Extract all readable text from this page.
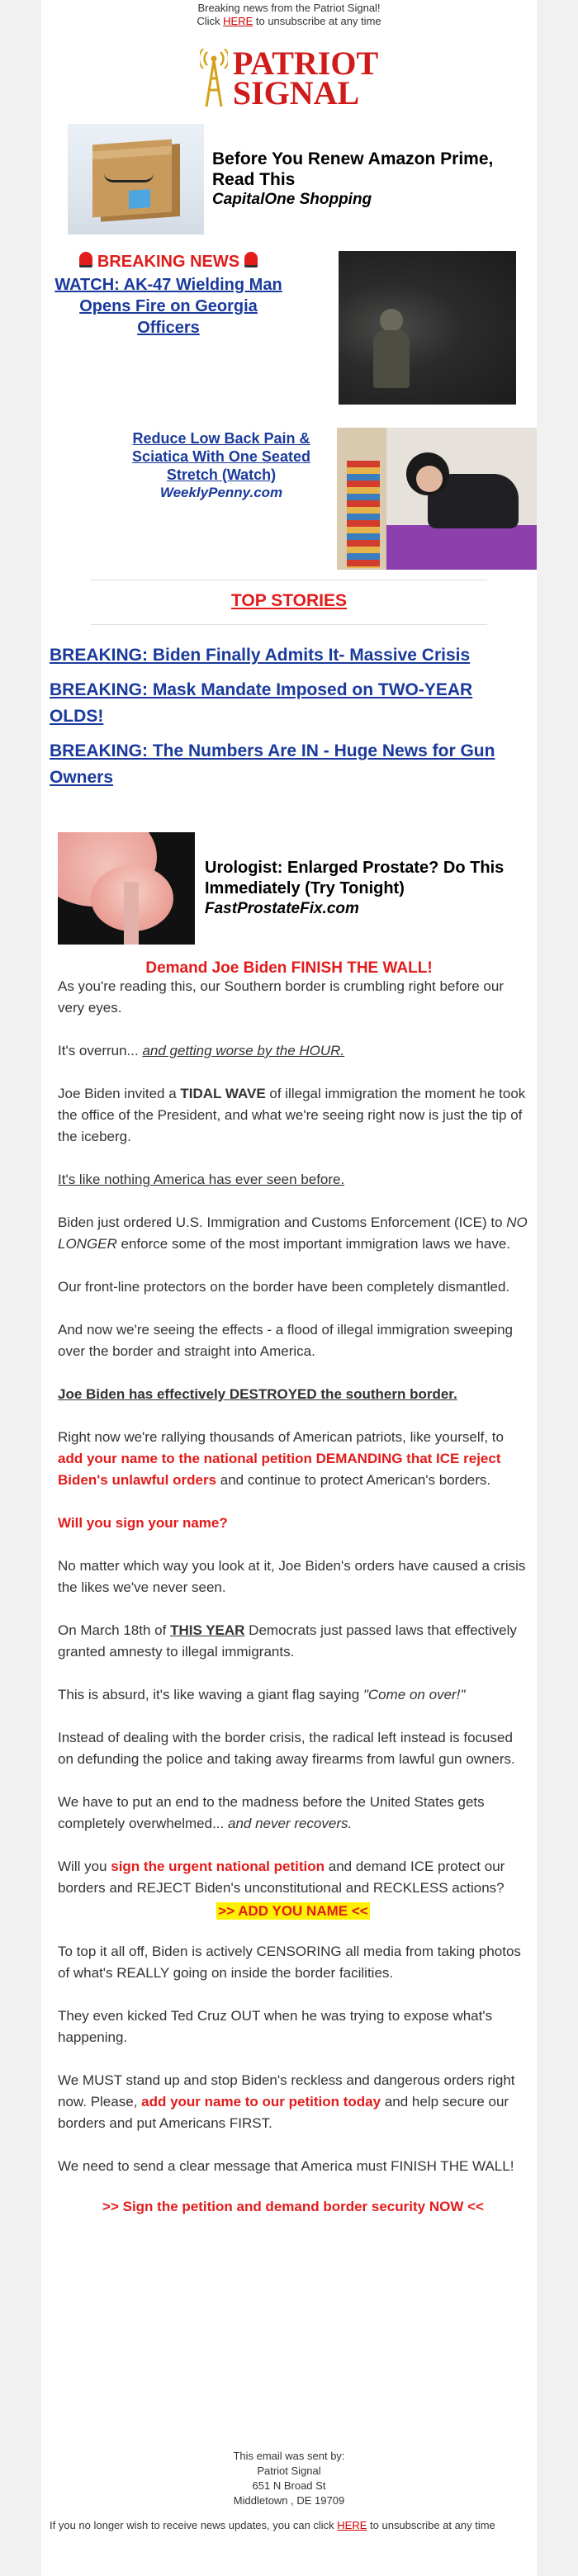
Breaking news from the Patriot Signal!
Click HERE to unsubscribe at any time
PATRIOT
SIGNAL
Before You Renew Amazon Prime, Read This
CapitalOne Shopping
BREAKING NEWS
WATCH: AK-47 Wielding Man Opens Fire on Georgia Officers
Reduce Low Back Pain & Sciatica With One Seated Stretch (Watch)
WeeklyPenny.com
TOP STORIES
BREAKING: Biden Finally Admits It- Massive Crisis
BREAKING: Mask Mandate Imposed on TWO-YEAR OLDS!
BREAKING: The Numbers Are IN - Huge News for Gun Owners
Urologist: Enlarged Prostate? Do This Immediately (Try Tonight)
FastProstateFix.com
Demand Joe Biden FINISH THE WALL!

As you're reading this, our Southern border is crumbling right before our very eyes.

It's overrun... and getting worse by the HOUR.

Joe Biden invited a TIDAL WAVE of illegal immigration the moment he took the office of the President, and what we're seeing right now is just the tip of the iceberg.

It's like nothing America has ever seen before.

Biden just ordered U.S. Immigration and Customs Enforcement (ICE) to NO LONGER enforce some of the most important immigration laws we have.

Our front-line protectors on the border have been completely dismantled.

And now we're seeing the effects - a flood of illegal immigration sweeping over the border and straight into America.

Joe Biden has effectively DESTROYED the southern border.

Right now we're rallying thousands of American patriots, like yourself, to add your name to the national petition DEMANDING that ICE reject Biden's unlawful orders and continue to protect American's borders.

Will you sign your name?

No matter which way you look at it, Joe Biden's orders have caused a crisis the likes we've never seen.

On March 18th of THIS YEAR Democrats just passed laws that effectively granted amnesty to illegal immigrants.

This is absurd, it's like waving a giant flag saying "Come on over!"

Instead of dealing with the border crisis, the radical left instead is focused on defunding the police and taking away firearms from lawful gun owners.

We have to put an end to the madness before the United States gets completely overwhelmed... and never recovers.

Will you sign the urgent national petition and demand ICE protect our borders and REJECT Biden's unconstitutional and RECKLESS actions?

>> ADD YOU NAME <<

To top it all off, Biden is actively CENSORING all media from taking photos of what's REALLY going on inside the border facilities.

They even kicked Ted Cruz OUT when he was trying to expose what's happening.

We MUST stand up and stop Biden's reckless and dangerous orders right now. Please, add your name to our petition today and help secure our borders and put Americans FIRST.

We need to send a clear message that America must FINISH THE WALL!

>> Sign the petition and demand border security NOW <<
This email was sent by:
Patriot Signal
651 N Broad St
Middletown , DE 19709
If you no longer wish to receive news updates, you can click HERE to unsubscribe at any time
